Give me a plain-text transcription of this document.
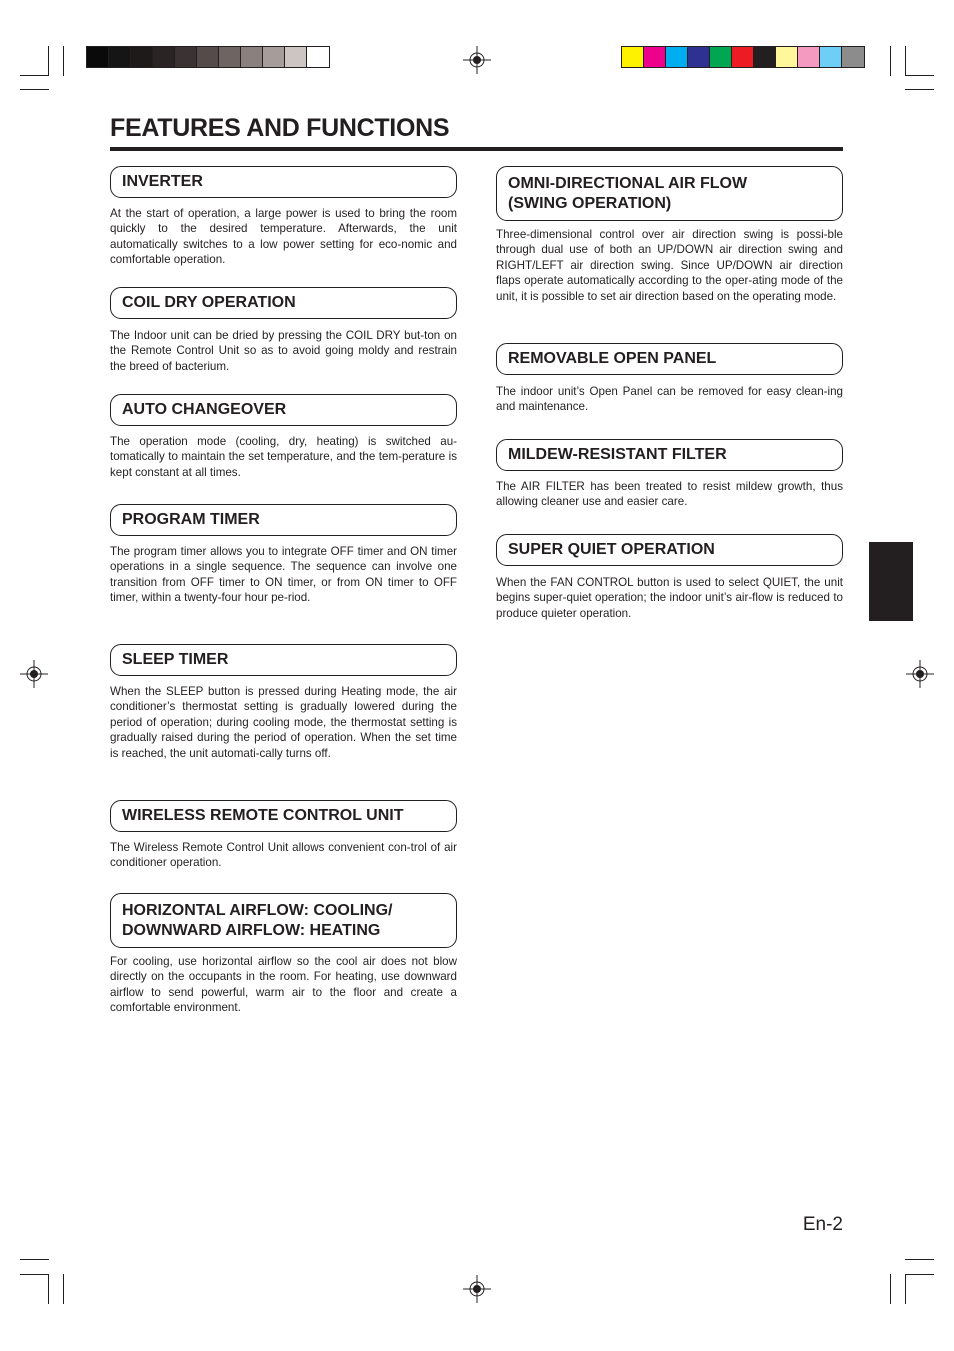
FEATURES AND FUNCTIONS
INVERTER
At the start of operation, a large power is used to bring the room quickly to the desired temperature. Afterwards, the unit automatically switches to a low power setting for eco-nomic and comfortable operation.
COIL DRY OPERATION
The Indoor unit can be dried by pressing the COIL DRY but-ton on the Remote Control Unit so as to avoid going moldy and restrain the breed of bacterium.
AUTO CHANGEOVER
The operation mode (cooling, dry, heating) is switched au-tomatically to maintain the set temperature, and the tem-perature is kept constant at all times.
PROGRAM TIMER
The program timer allows you to integrate OFF timer and ON timer operations in a single sequence. The sequence can involve one transition from OFF timer to ON timer, or from ON timer to OFF timer, within a twenty-four hour pe-riod.
SLEEP TIMER
When the SLEEP button is pressed during Heating mode, the air conditioner’s thermostat setting is gradually lowered during the period of operation; during cooling mode, the thermostat setting is gradually raised during the period of operation. When the set time is reached, the unit automati-cally turns off.
WIRELESS REMOTE CONTROL UNIT
The Wireless Remote Control Unit allows convenient con-trol of air conditioner operation.
HORIZONTAL AIRFLOW: COOLING/
DOWNWARD AIRFLOW: HEATING
For cooling, use horizontal airflow so the cool air does not blow directly on the occupants in the room. For heating, use downward airflow to send powerful, warm air to the floor and create a comfortable environment.
OMNI-DIRECTIONAL AIR FLOW
(SWING OPERATION)
Three-dimensional control over air direction swing is possi-ble through dual use of both an UP/DOWN air direction swing and RIGHT/LEFT air direction swing. Since UP/DOWN air direction flaps operate automatically according to the oper-ating mode of the unit, it is possible to set air direction based on the operating mode.
REMOVABLE OPEN PANEL
The indoor unit’s Open Panel can be removed for easy clean-ing and maintenance.
MILDEW-RESISTANT FILTER
The AIR FILTER has been treated to resist mildew growth, thus allowing cleaner use and easier care.
SUPER QUIET OPERATION
When the FAN CONTROL button is used to select QUIET, the unit begins super-quiet operation; the indoor unit’s air-flow is reduced to produce quieter operation.
En-2
